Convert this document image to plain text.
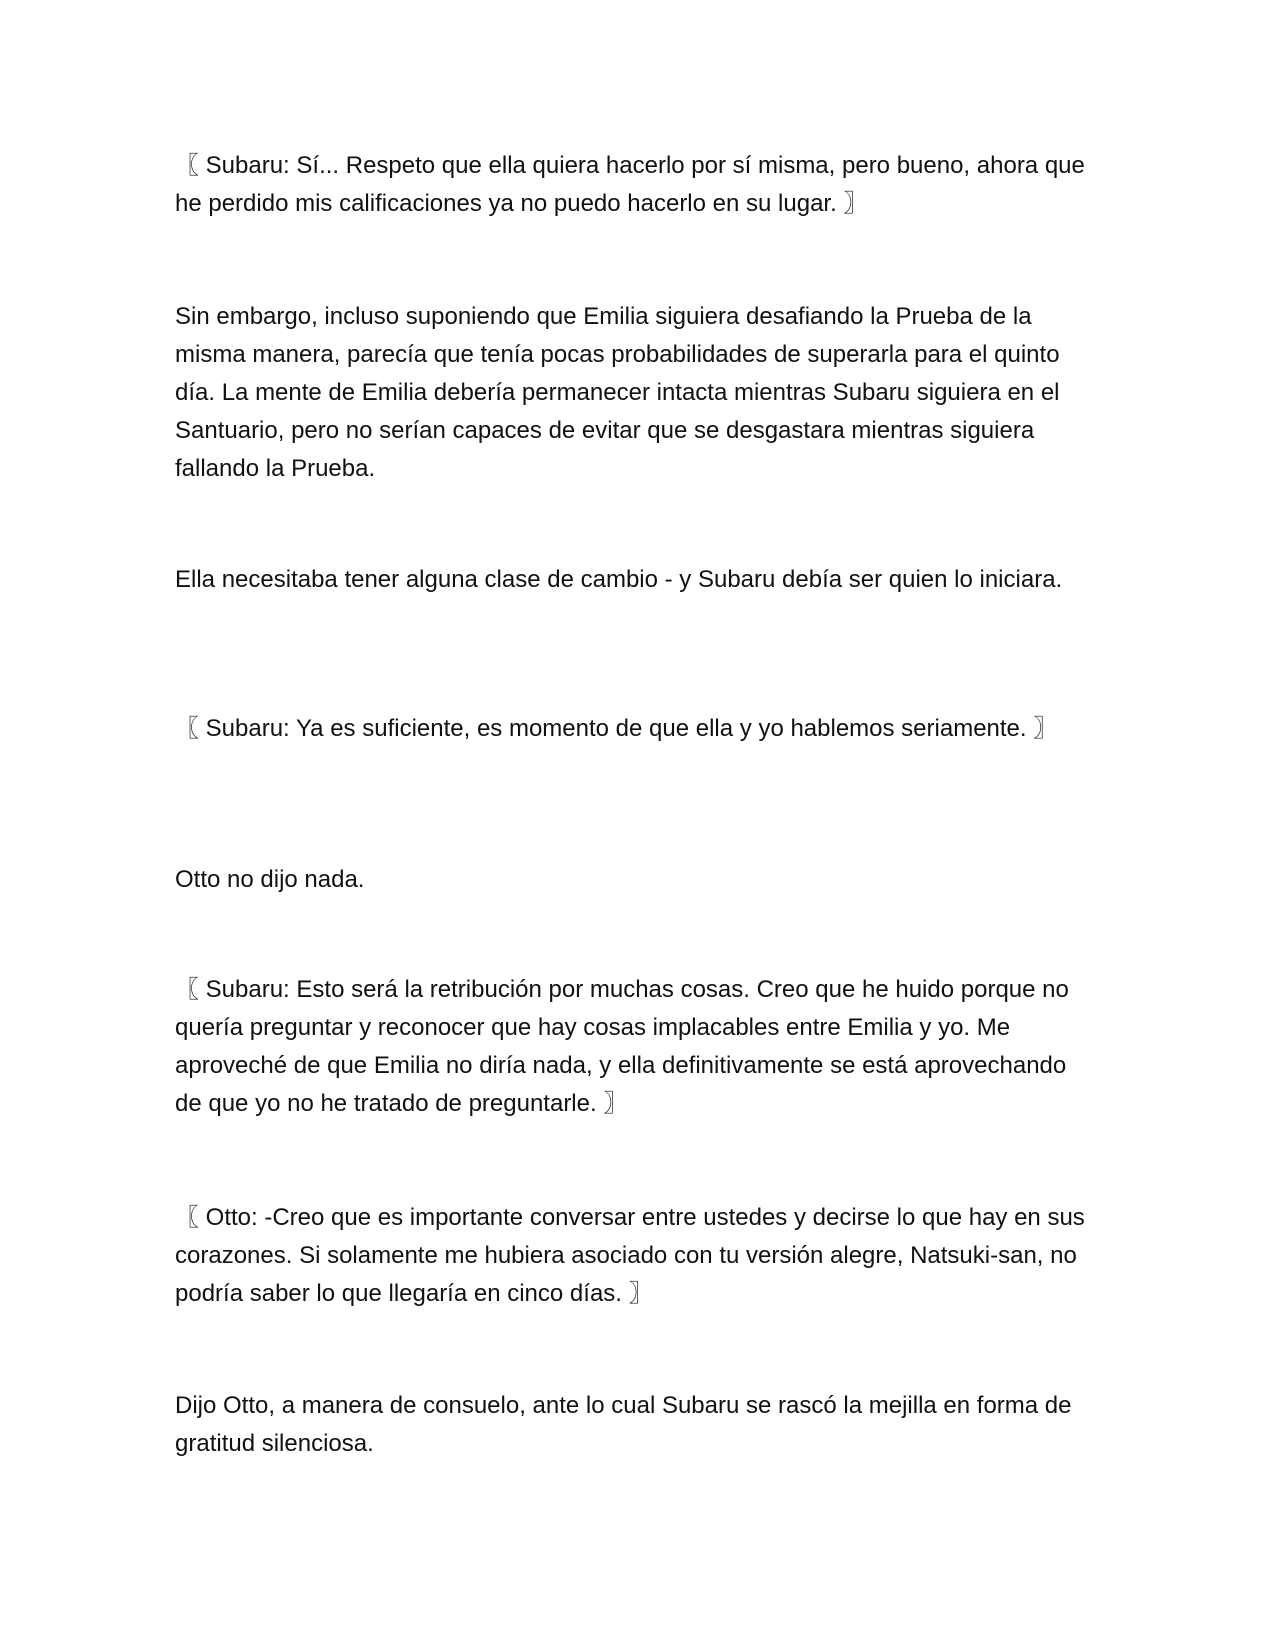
〖 Subaru: Sí... Respeto que ella quiera hacerlo por sí misma, pero bueno, ahora que he perdido mis calificaciones ya no puedo hacerlo en su lugar. 〗

Sin embargo, incluso suponiendo que Emilia siguiera desafiando la Prueba de la misma manera, parecía que tenía pocas probabilidades de superarla para el quinto día. La mente de Emilia debería permanecer intacta mientras Subaru siguiera en el Santuario, pero no serían capaces de evitar que se desgastara mientras siguiera fallando la Prueba.

Ella necesitaba tener alguna clase de cambio - y Subaru debía ser quien lo iniciara.

〖 Subaru: Ya es suficiente, es momento de que ella y yo hablemos seriamente. 〗

Otto no dijo nada.

〖 Subaru: Esto será la retribución por muchas cosas. Creo que he huido porque no quería preguntar y reconocer que hay cosas implacables entre Emilia y yo. Me aproveché de que Emilia no diría nada, y ella definitivamente se está aprovechando de que yo no he tratado de preguntarle. 〗

〖 Otto: -Creo que es importante conversar entre ustedes y decirse lo que hay en sus corazones. Si solamente me hubiera asociado con tu versión alegre, Natsuki-san, no podría saber lo que llegaría en cinco días. 〗

Dijo Otto, a manera de consuelo, ante lo cual Subaru se rascó la mejilla en forma de gratitud silenciosa.
